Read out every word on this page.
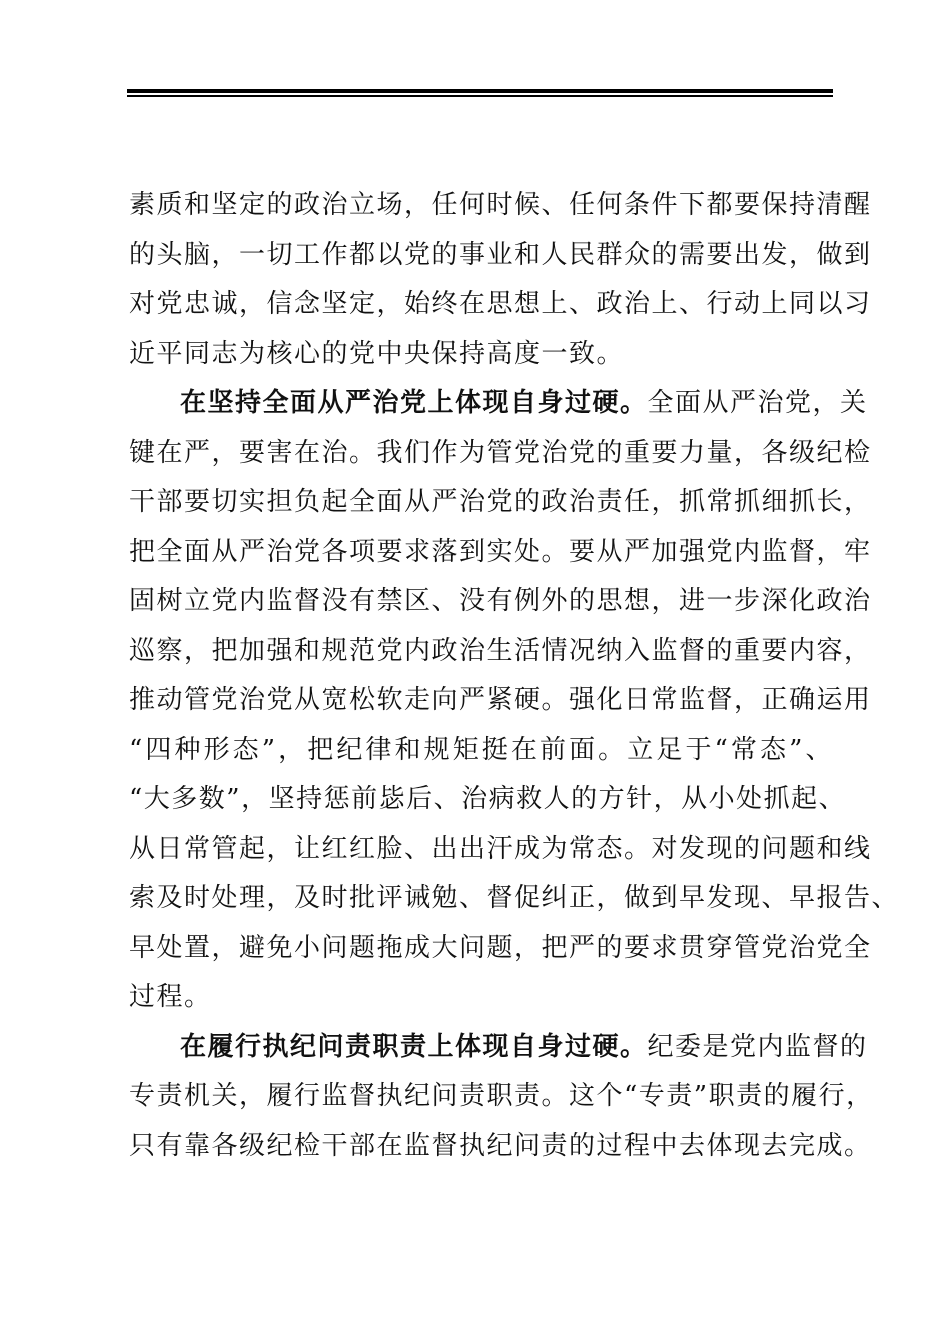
素质和坚定的政治立场，任何时候、任何条件下都要保持清醒
的头脑，一切工作都以党的事业和人民群众的需要出发，做到
对党忠诚，信念坚定，始终在思想上、政治上、行动上同以习
近平同志为核心的党中央保持高度一致。
在坚持全面从严治党上体现自身过硬。全面从严治党，关
键在严，要害在治。我们作为管党治党的重要力量，各级纪检
干部要切实担负起全面从严治党的政治责任，抓常抓细抓长，
把全面从严治党各项要求落到实处。要从严加强党内监督，牢
固树立党内监督没有禁区、没有例外的思想，进一步深化政治
巡察，把加强和规范党内政治生活情况纳入监督的重要内容，
推动管党治党从宽松软走向严紧硬。强化日常监督，正确运用
“四种形态”，把纪律和规矩挺在前面。立足于“常态”、
“大多数”，坚持惩前毖后、治病救人的方针，从小处抓起、
从日常管起，让红红脸、出出汗成为常态。对发现的问题和线
索及时处理，及时批评诫勉、督促纠正，做到早发现、早报告、
早处置，避免小问题拖成大问题，把严的要求贯穿管党治党全
过程。
在履行执纪问责职责上体现自身过硬。纪委是党内监督的
专责机关，履行监督执纪问责职责。这个“专责”职责的履行，
只有靠各级纪检干部在监督执纪问责的过程中去体现去完成。
